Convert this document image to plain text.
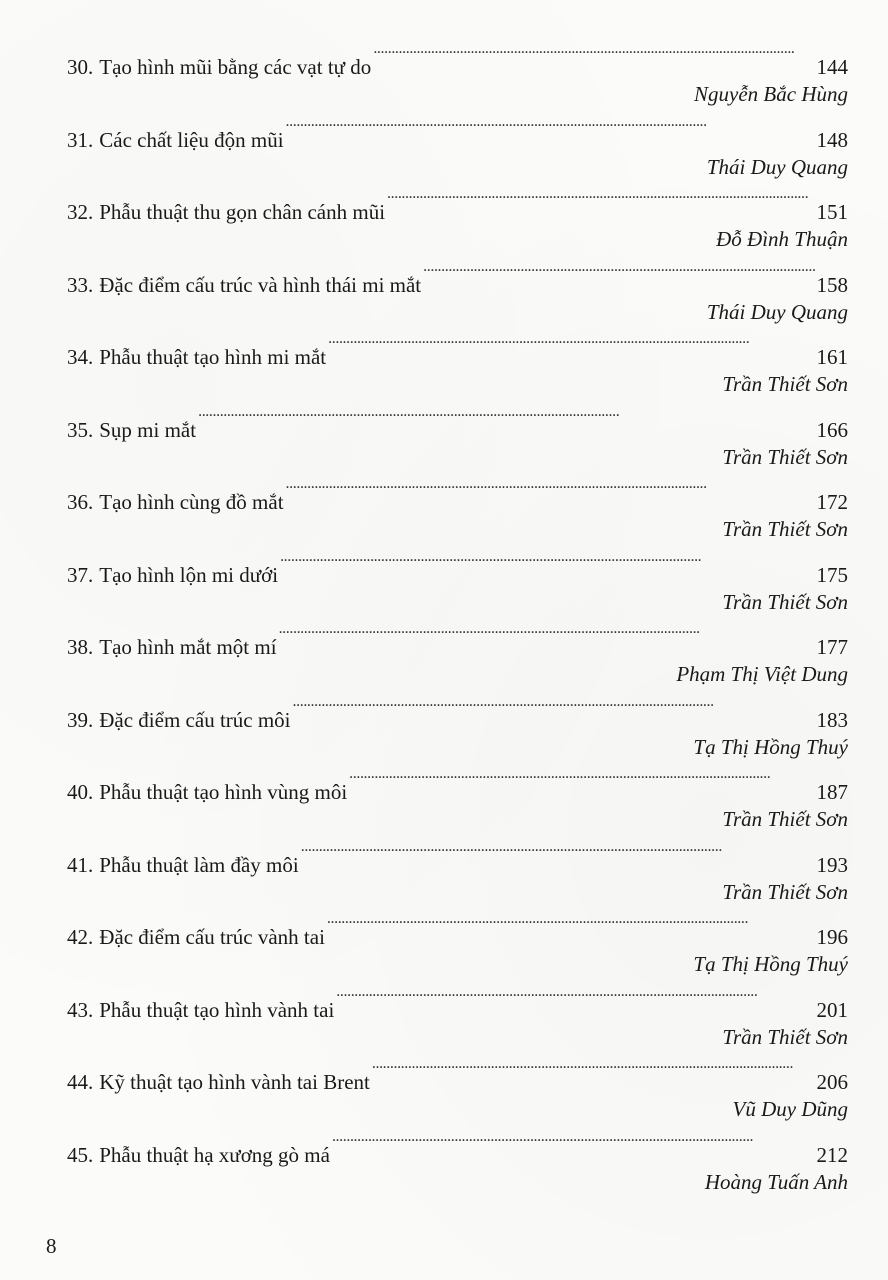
30. Tạo hình mũi bằng các vạt tự do . . .	144
Nguyễn Bắc Hùng
31. Các chất liệu độn mũi . . .	148
Thái Duy Quang
32. Phẫu thuật thu gọn chân cánh mũi . . .	151
Đỗ Đình Thuận
33. Đặc điểm cấu trúc và hình thái mi mắt . . .	158
Thái Duy Quang
34. Phẫu thuật tạo hình mi mắt . . .	161
Trần Thiết Sơn
35. Sụp mi mắt . . .	166
Trần Thiết Sơn
36. Tạo hình cùng đồ mắt . . .	172
Trần Thiết Sơn
37. Tạo hình lộn mi dưới . . .	175
Trần Thiết Sơn
38. Tạo hình mắt một mí . . .	177
Phạm Thị Việt Dung
39. Đặc điểm cấu trúc môi . . .	183
Tạ Thị Hồng Thuý
40. Phẫu thuật tạo hình vùng môi . . .	187
Trần Thiết Sơn
41. Phẫu thuật làm đầy môi . . .	193
Trần Thiết Sơn
42. Đặc điểm cấu trúc vành tai . . .	196
Tạ Thị Hồng Thuý
43. Phẫu thuật tạo hình vành tai . . .	201
Trần Thiết Sơn
44. Kỹ thuật tạo hình vành tai Brent . . .	206
Vũ Duy Dũng
45. Phẫu thuật hạ xương gò má . . .	212
Hoàng Tuấn Anh
8
